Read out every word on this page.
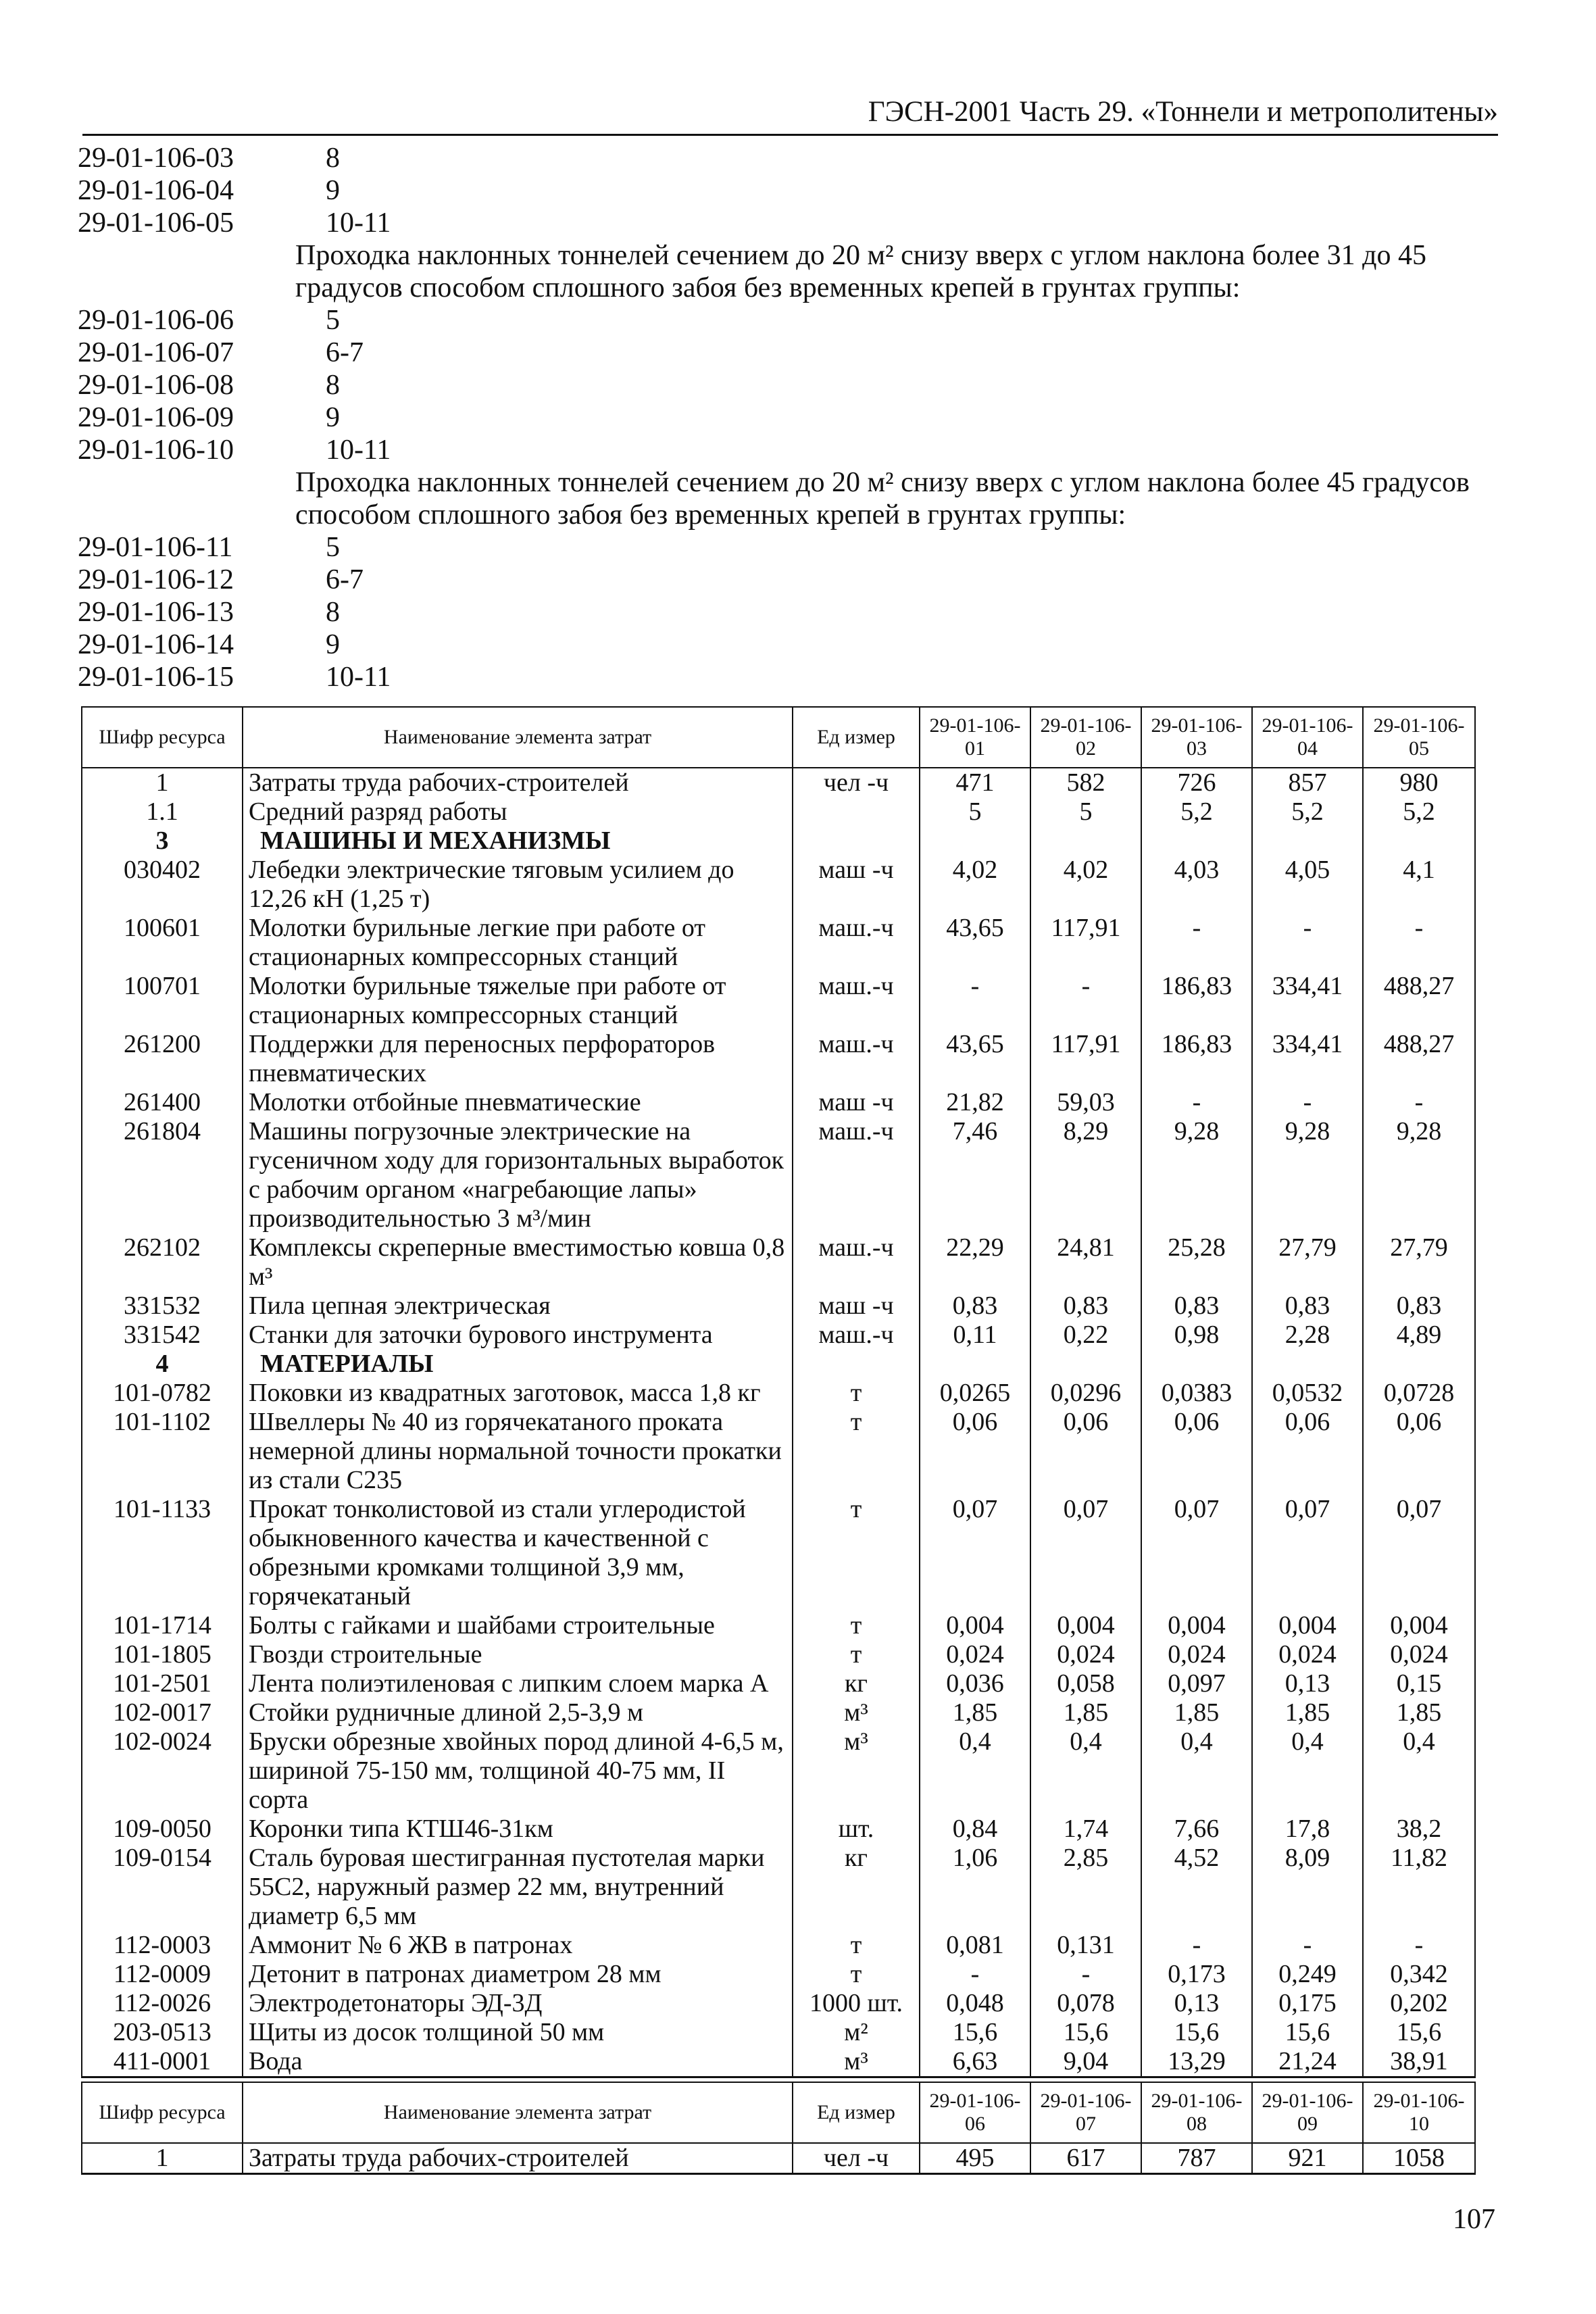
ГЭСН-2001 Часть 29. «Тоннели и метрополитены»
29-01-106-03	8
29-01-106-04	9
29-01-106-05	10-11
Проходка наклонных тоннелей сечением до 20 м² снизу вверх с углом наклона более 31 до 45 градусов способом сплошного забоя без временных крепей в грунтах группы:
29-01-106-06	5
29-01-106-07	6-7
29-01-106-08	8
29-01-106-09	9
29-01-106-10	10-11
Проходка наклонных тоннелей сечением до 20 м² снизу вверх с углом наклона более 45 градусов способом сплошного забоя без временных крепей в грунтах группы:
29-01-106-11	5
29-01-106-12	6-7
29-01-106-13	8
29-01-106-14	9
29-01-106-15	10-11
Шифр ресурса	Наименование элемента затрат	Ед измер	29-01-106-01	29-01-106-02	29-01-106-03	29-01-106-04	29-01-106-05
1	Затраты труда рабочих-строителей	чел -ч	471	582	726	857	980
1.1	Средний разряд работы		5	5	5,2	5,2	5,2
3	МАШИНЫ И МЕХАНИЗМЫ						
030402	Лебедки электрические тяговым усилием до 12,26 кН (1,25 т)	маш -ч	4,02	4,02	4,03	4,05	4,1
100601	Молотки бурильные легкие при работе от стационарных компрессорных станций	маш.-ч	43,65	117,91	-	-	-
100701	Молотки бурильные тяжелые при работе от стационарных компрессорных станций	маш.-ч	-	-	186,83	334,41	488,27
261200	Поддержки для переносных перфораторов пневматических	маш.-ч	43,65	117,91	186,83	334,41	488,27
261400	Молотки отбойные пневматические	маш -ч	21,82	59,03	-	-	-
261804	Машины погрузочные электрические на гусеничном ходу для горизонтальных выработок с рабочим органом «нагребающие лапы» производительностью 3 м³/мин	маш.-ч	7,46	8,29	9,28	9,28	9,28
262102	Комплексы скреперные вместимостью ковша 0,8 м³	маш.-ч	22,29	24,81	25,28	27,79	27,79
331532	Пила цепная электрическая	маш -ч	0,83	0,83	0,83	0,83	0,83
331542	Станки для заточки бурового инструмента	маш.-ч	0,11	0,22	0,98	2,28	4,89
4	МАТЕРИАЛЫ						
101-0782	Поковки из квадратных заготовок, масса 1,8 кг	т	0,0265	0,0296	0,0383	0,0532	0,0728
101-1102	Швеллеры № 40 из горячекатаного проката немерной длины нормальной точности прокатки из стали С235	т	0,06	0,06	0,06	0,06	0,06
101-1133	Прокат тонколистовой из стали углеродистой обыкновенного качества и качественной с обрезными кромками толщиной 3,9 мм, горячекатаный	т	0,07	0,07	0,07	0,07	0,07
101-1714	Болты с гайками и шайбами строительные	т	0,004	0,004	0,004	0,004	0,004
101-1805	Гвозди строительные	т	0,024	0,024	0,024	0,024	0,024
101-2501	Лента полиэтиленовая с липким слоем марка А	кг	0,036	0,058	0,097	0,13	0,15
102-0017	Стойки рудничные длиной 2,5-3,9 м	м³	1,85	1,85	1,85	1,85	1,85
102-0024	Бруски обрезные хвойных пород длиной 4-6,5 м, шириной 75-150 мм, толщиной 40-75 мм, II сорта	м³	0,4	0,4	0,4	0,4	0,4
109-0050	Коронки типа КТШ46-31км	шт.	0,84	1,74	7,66	17,8	38,2
109-0154	Сталь буровая шестигранная пустотелая марки 55С2, наружный размер 22 мм, внутренний диаметр 6,5 мм	кг	1,06	2,85	4,52	8,09	11,82
112-0003	Аммонит № 6 ЖВ в патронах	т	0,081	0,131	-	-	-
112-0009	Детонит в патронах диаметром 28 мм	т	-	-	0,173	0,249	0,342
112-0026	Электродетонаторы ЭД-3Д	1000 шт.	0,048	0,078	0,13	0,175	0,202
203-0513	Щиты из досок толщиной 50 мм	м²	15,6	15,6	15,6	15,6	15,6
411-0001	Вода	м³	6,63	9,04	13,29	21,24	38,91
Шифр ресурса	Наименование элемента затрат	Ед измер	29-01-106-06	29-01-106-07	29-01-106-08	29-01-106-09	29-01-106-10
1	Затраты труда рабочих-строителей	чел -ч	495	617	787	921	1058
107
